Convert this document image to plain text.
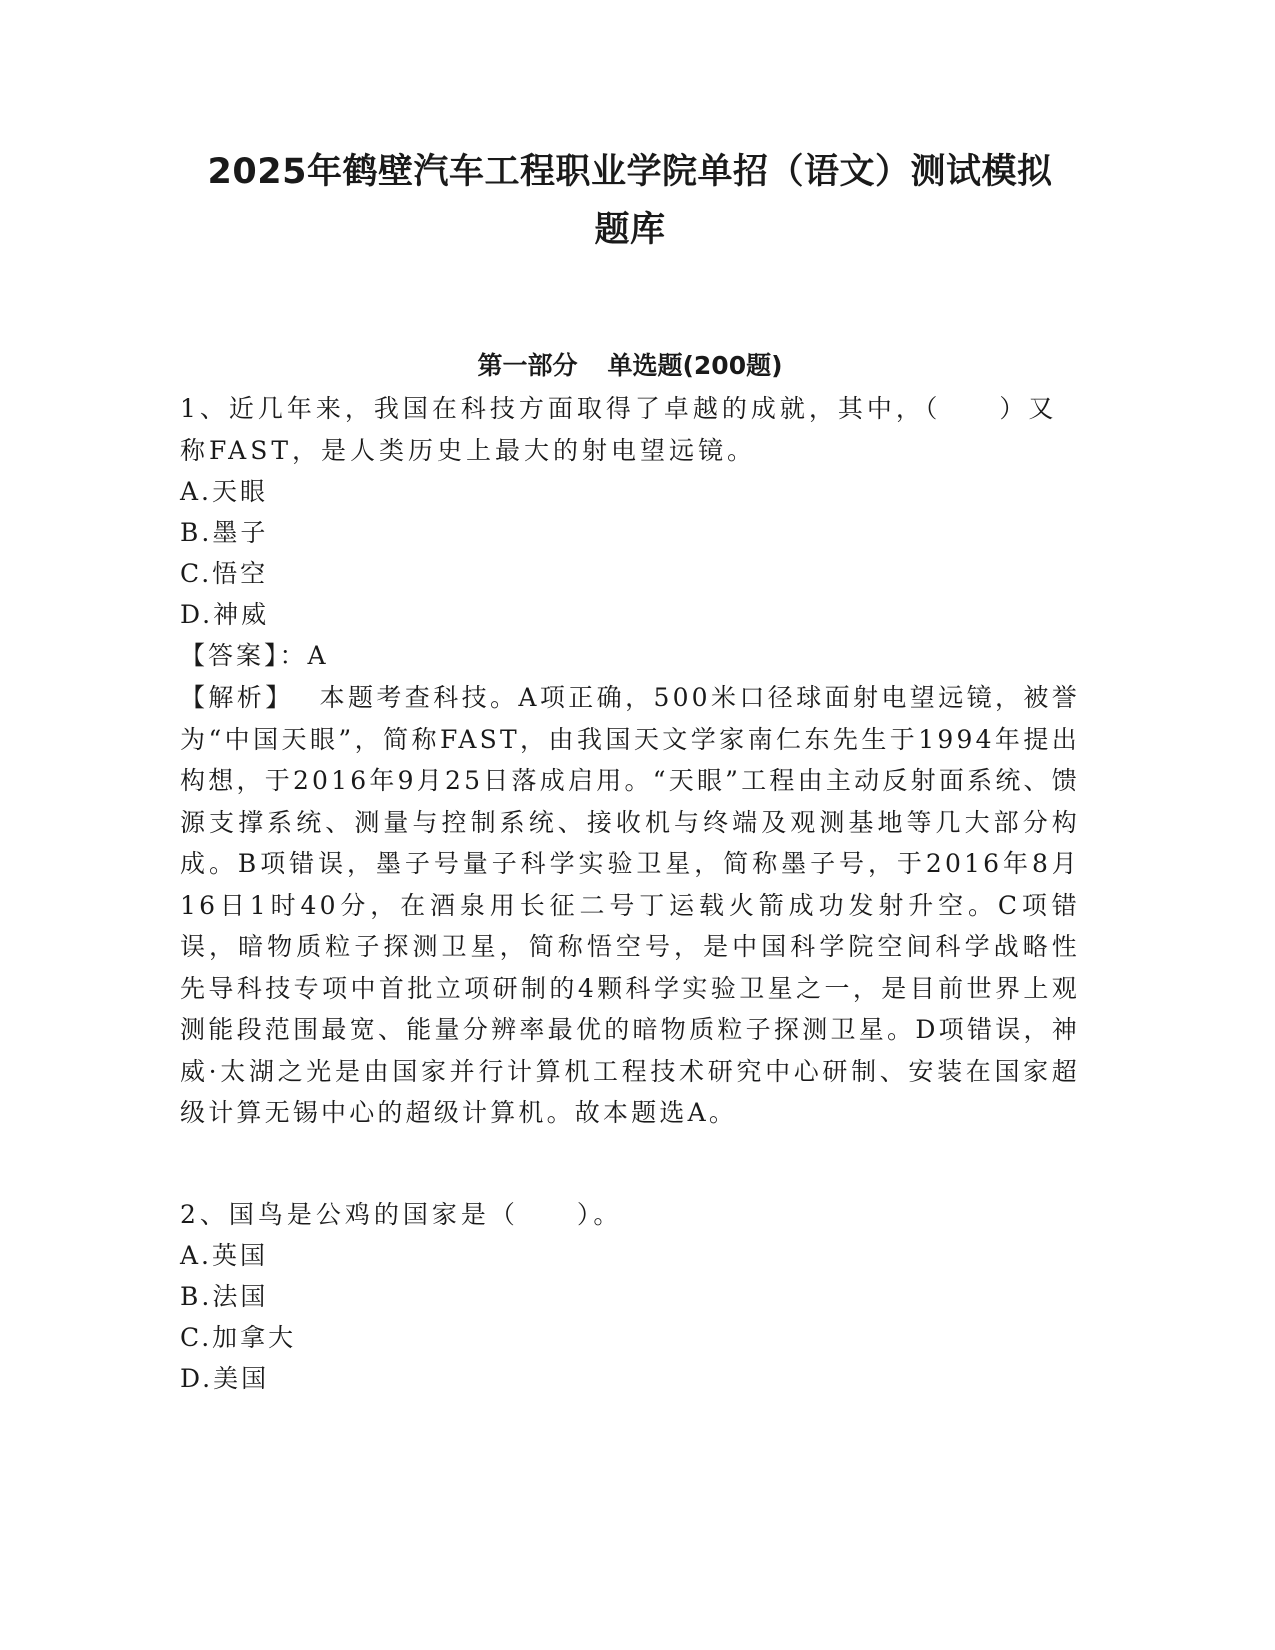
2025年鹤壁汽车工程职业学院单招（语文）测试模拟
题库
第一部分 单选题(200题)

1、近几年来，我国在科技方面取得了卓越的成就，其中，（　　）又称FAST，是人类历史上最大的射电望远镜。

A.天眼

B.墨子

C.悟空

D.神威

【答案】：A

【解析】 本题考查科技。A项正确，500米口径球面射电望远镜，被誉为“中国天眼”，简称FAST，由我国天文学家南仁东先生于1994年提出构想，于2016年9月25日落成启用。“天眼”工程由主动反射面系统、馈源支撑系统、测量与控制系统、接收机与终端及观测基地等几大部分构成。B项错误，墨子号量子科学实验卫星，简称墨子号，于2016年8月16日1时40分，在酒泉用长征二号丁运载火箭成功发射升空。C项错误，暗物质粒子探测卫星，简称悟空号，是中国科学院空间科学战略性先导科技专项中首批立项研制的4颗科学实验卫星之一，是目前世界上观测能段范围最宽、能量分辨率最优的暗物质粒子探测卫星。D项错误，神威·太湖之光是由国家并行计算机工程技术研究中心研制、安装在国家超级计算无锡中心的超级计算机。故本题选A。

2、国鸟是公鸡的国家是（　　）。

A.英国

B.法国

C.加拿大

D.美国
